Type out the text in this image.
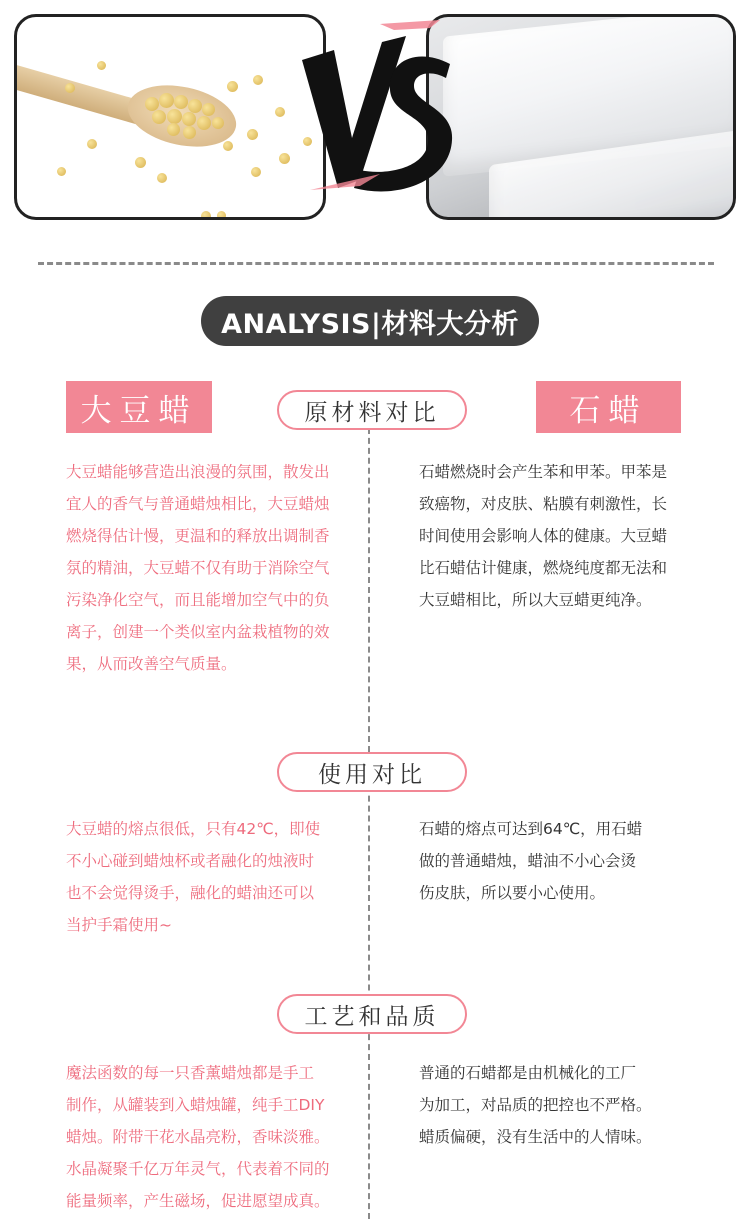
ANALYSIS|材料大分析
大豆蜡	石蜡
原材料对比
大豆蜡能够营造出浪漫的氛围，散发出
宜人的香气与普通蜡烛相比，大豆蜡烛
燃烧得估计慢，更温和的释放出调制香
氛的精油，大豆蜡不仅有助于消除空气
污染净化空气，而且能增加空气中的负
离子，创建一个类似室内盆栽植物的效
果，从而改善空气质量。
石蜡燃烧时会产生苯和甲苯。甲苯是
致癌物，对皮肤、粘膜有刺激性，长
时间使用会影响人体的健康。大豆蜡
比石蜡估计健康，燃烧纯度都无法和
大豆蜡相比，所以大豆蜡更纯净。
使用对比
大豆蜡的熔点很低，只有42℃，即使
不小心碰到蜡烛杯或者融化的烛液时
也不会觉得烫手，融化的蜡油还可以
当护手霜使用~
石蜡的熔点可达到64℃，用石蜡
做的普通蜡烛，蜡油不小心会烫
伤皮肤，所以要小心使用。
工艺和品质
魔法函数的每一只香薰蜡烛都是手工
制作，从罐装到入蜡烛罐，纯手工DIY
蜡烛。附带干花水晶亮粉，香味淡雅。
水晶凝聚千亿万年灵气，代表着不同的
能量频率，产生磁场，促进愿望成真。
普通的石蜡都是由机械化的工厂
为加工，对品质的把控也不严格。
蜡质偏硬，没有生活中的人情味。
